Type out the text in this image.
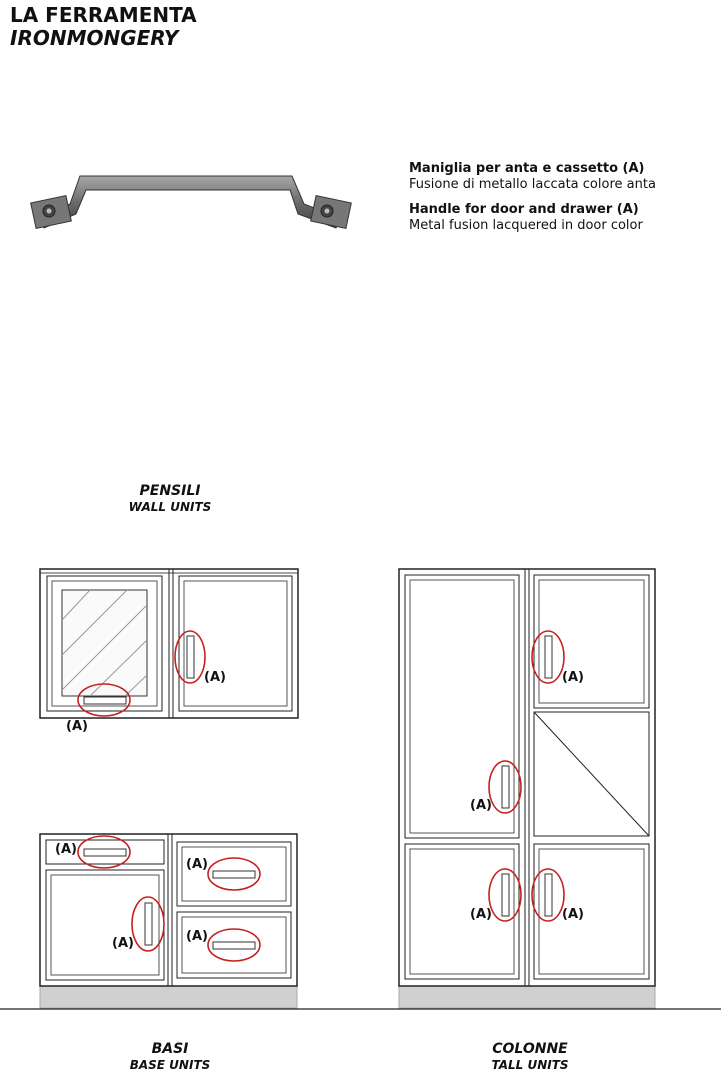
LA FERRAMENTA
IRONMONGERY
(A)
(A)
(A)
(A)
(A)	(A)
(A)
(A)
(A)
(A)
Maniglia per anta e cassetto (A)
Fusione di metallo laccata colore anta
Handle for door and drawer (A)
Metal fusion lacquered in door color
PENSILI
WALL UNITS
BASI
BASE UNITS
COLONNE
TALL UNITS
